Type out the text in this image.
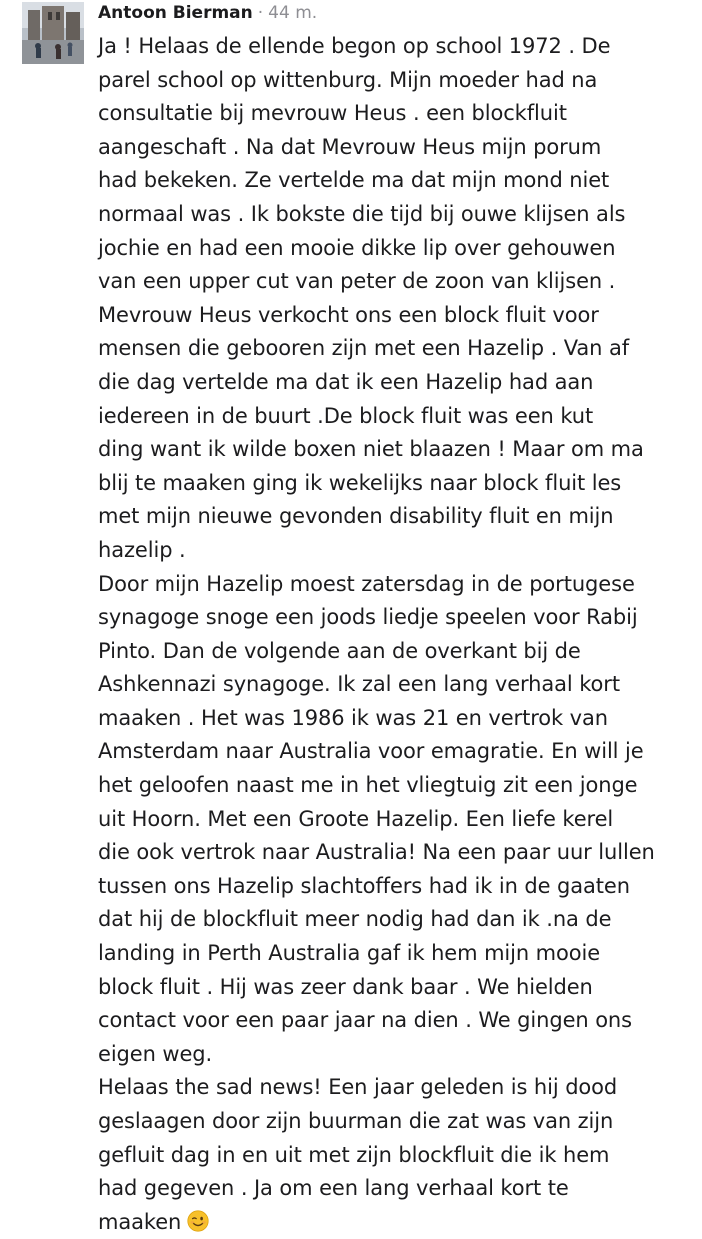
Antoon Bierman · 44 m.
Ja ! Helaas de ellende begon op school 1972 . De
parel school op wittenburg. Mijn moeder had na
consultatie bij mevrouw Heus . een blockfluit
aangeschaft . Na dat Mevrouw Heus mijn porum
had bekeken. Ze vertelde ma dat mijn mond niet
normaal was . Ik bokste die tijd bij ouwe klijsen als
jochie en had een mooie dikke lip over gehouwen
van een upper cut van peter de zoon van klijsen .
Mevrouw Heus verkocht ons een block fluit voor
mensen die gebooren zijn met een Hazelip . Van af
die dag vertelde ma dat ik een Hazelip had aan
iedereen in de buurt .De block fluit was een kut
ding want ik wilde boxen niet blaazen ! Maar om ma
blij te maaken ging ik wekelijks naar block fluit les
met mijn nieuwe gevonden disability fluit en mijn
hazelip .
Door mijn Hazelip moest zatersdag in de portugese
synagoge snoge een joods liedje speelen voor Rabij
Pinto. Dan de volgende aan de overkant bij de
Ashkennazi synagoge. Ik zal een lang verhaal kort
maaken . Het was 1986 ik was 21 en vertrok van
Amsterdam naar Australia voor emagratie. En will je
het geloofen naast me in het vliegtuig zit een jonge
uit Hoorn. Met een Groote Hazelip. Een liefe kerel
die ook vertrok naar Australia! Na een paar uur lullen
tussen ons Hazelip slachtoffers had ik in de gaaten
dat hij de blockfluit meer nodig had dan ik .na de
landing in Perth Australia gaf ik hem mijn mooie
block fluit . Hij was zeer dank baar . We hielden
contact voor een paar jaar na dien . We gingen ons
eigen weg.
Helaas the sad news! Een jaar geleden is hij dood
geslaagen door zijn buurman die zat was van zijn
gefluit dag in en uit met zijn blockfluit die ik hem
had gegeven . Ja om een lang verhaal kort te
maaken
